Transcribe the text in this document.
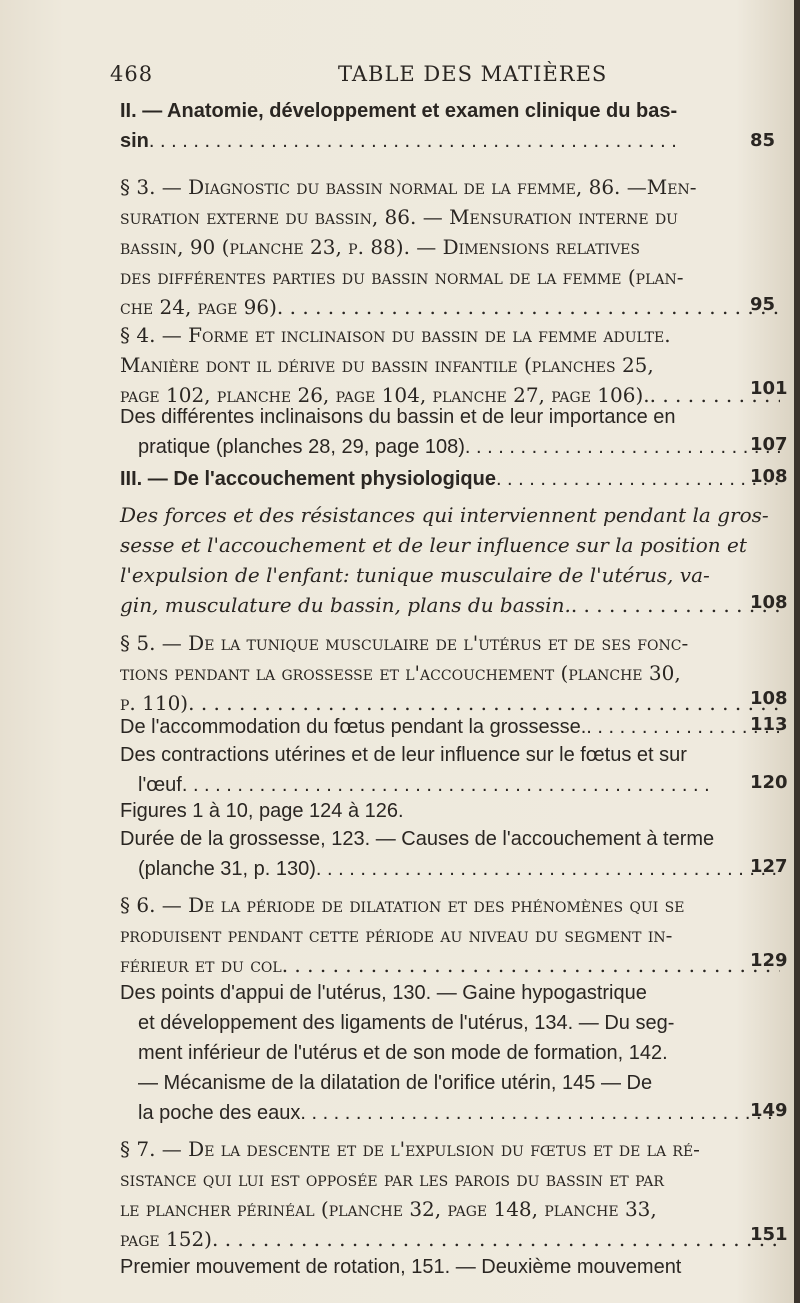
468	TABLE DES MATIÈRES
II. — Anatomie, développement et examen clinique du bas-
sin . . .	85
§ 3. — Diagnostic du bassin normal de la femme, 86. —Men-
suration externe du bassin, 86. — Mensuration interne du
bassin, 90 (planche 23, p. 88). — Dimensions relatives
des différentes parties du bassin normal de la femme (plan-
che 24, page 96) . . .	95
§ 4. — Forme et inclinaison du bassin de la femme adulte.
Manière dont il dérive du bassin infantile (planches 25,
page 102, planche 26, page 104, planche 27, page 106). . . .	101
Des différentes inclinaisons du bassin et de leur importance en
pratique (planches 28, 29, page 108) . . .	107
III. — De l'accouchement physiologique . . .	108
Des forces et des résistances qui interviennent pendant la gros-
sesse et l'accouchement et de leur influence sur la position et
l'expulsion de l'enfant: tunique musculaire de l'utérus, va-
gin, musculature du bassin, plans du bassin. . . .	108
§ 5. — De la tunique musculaire de l'utérus et de ses fonc-
tions pendant la grossesse et l'accouchement (planche 30,
p. 110) . . .	108
De l'accommodation du fœtus pendant la grossesse. . . .	113
Des contractions utérines et de leur influence sur le fœtus et sur
l'œuf . . .	120
Figures 1 à 10, page 124 à 126.
Durée de la grossesse, 123. — Causes de l'accouchement à terme
(planche 31, p. 130) . . .	127
§ 6. — De la période de dilatation et des phénomènes qui se
produisent pendant cette période au niveau du segment in-
férieur et du col . . .	129
Des points d'appui de l'utérus, 130. — Gaine hypogastrique
et développement des ligaments de l'utérus, 134. — Du seg-
ment inférieur de l'utérus et de son mode de formation, 142.
— Mécanisme de la dilatation de l'orifice utérin, 145 — De
la poche des eaux . . .	149
§ 7. — De la descente et de l'expulsion du fœtus et de la ré-
sistance qui lui est opposée par les parois du bassin et par
le plancher périnéal (planche 32, page 148, planche 33,
page 152) . . .	151
Premier mouvement de rotation, 151. — Deuxième mouvement
